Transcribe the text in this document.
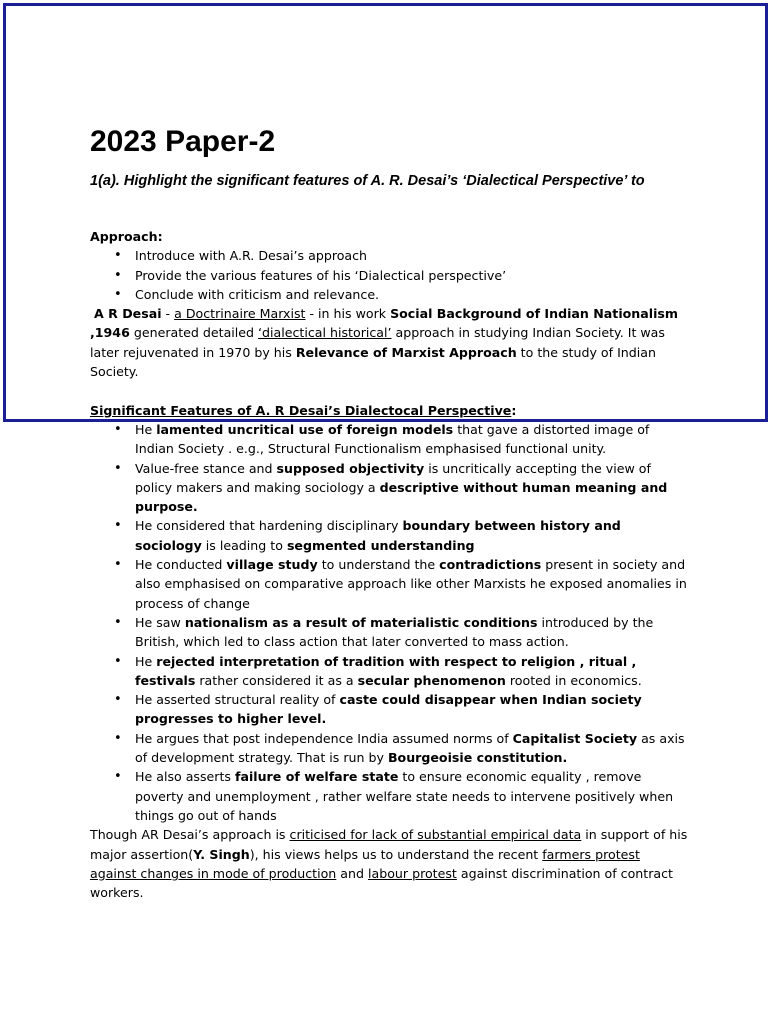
2023 Paper-2

1(a). Highlight the significant features of A. R. Desai’s ‘Dialectical Perspective’ to

Approach:

• Introduce with A.R. Desai’s approach
• Provide the various features of his ‘Dialectical perspective’
• Conclude with criticism and relevance.

A R Desai - a Doctrinaire Marxist - in his work Social Background of Indian Nationalism ,1946 generated detailed ‘dialectical historical’ approach in studying Indian Society. It was later rejuvenated in 1970 by his Relevance of Marxist Approach to the study of Indian Society.

Significant Features of A. R Desai’s Dialectocal Perspective:

• He lamented uncritical use of foreign models that gave a distorted image of Indian Society . e.g., Structural Functionalism emphasised functional unity.
• Value-free stance and supposed objectivity is uncritically accepting the view of policy makers and making sociology a descriptive without human meaning and purpose.
• He considered that hardening disciplinary boundary between history and sociology is leading to segmented understanding
• He conducted village study to understand the contradictions present in society and also emphasised on comparative approach like other Marxists he exposed anomalies in process of change
• He saw nationalism as a result of materialistic conditions introduced by the British, which led to class action that later converted to mass action.
• He rejected interpretation of tradition with respect to religion , ritual , festivals rather considered it as a secular phenomenon rooted in economics.
• He asserted structural reality of caste could disappear when Indian society progresses to higher level.
• He argues that post independence India assumed norms of Capitalist Society as axis of development strategy. That is run by Bourgeoisie constitution.
• He also asserts failure of welfare state to ensure economic equality , remove poverty and unemployment , rather welfare state needs to intervene positively when things go out of hands

Though AR Desai’s approach is criticised for lack of substantial empirical data in support of his major assertion(Y. Singh), his views helps us to understand the recent farmers protest against changes in mode of production and labour protest against discrimination of contract workers.
